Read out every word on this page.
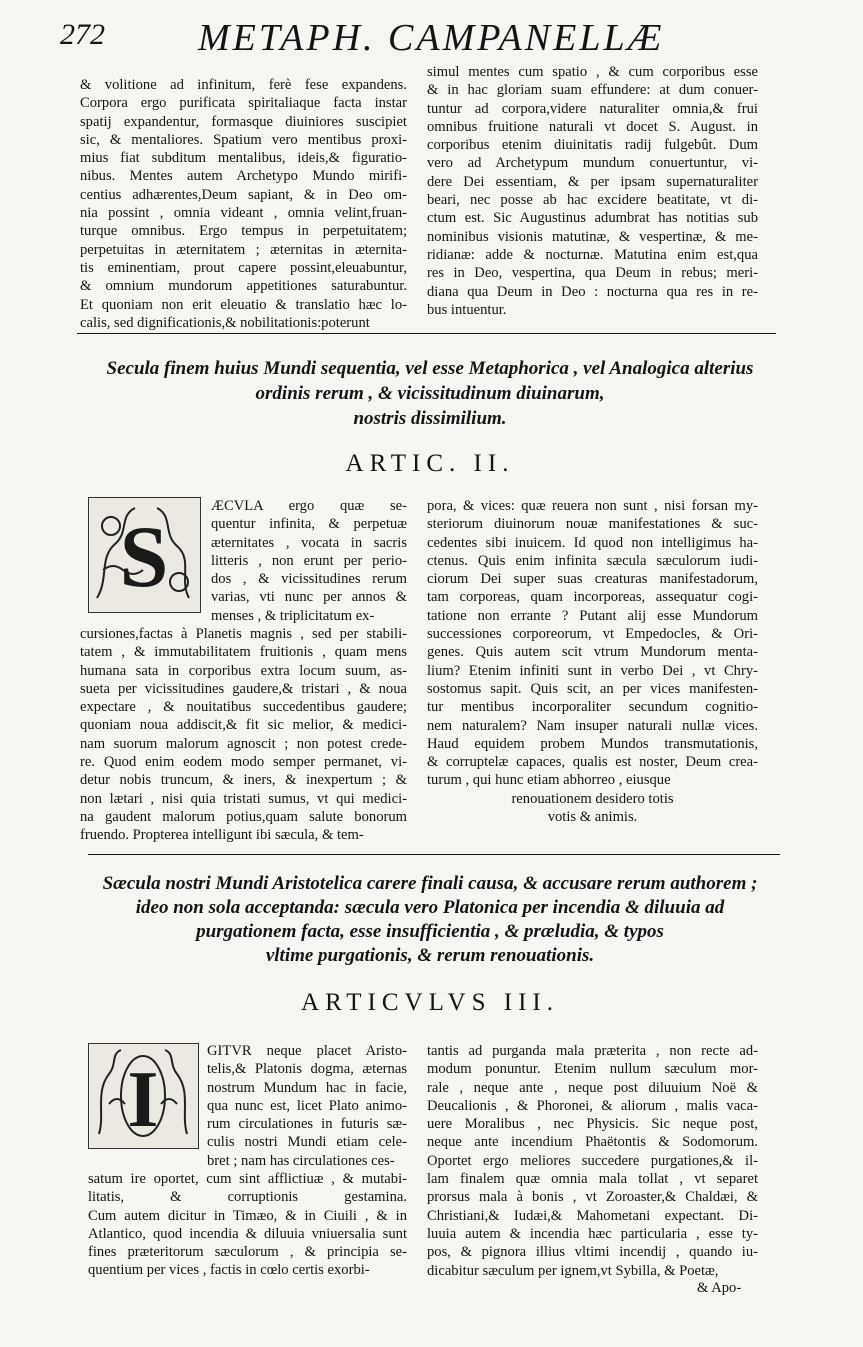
272 METAPH. CAMPANELLÆ
& volitione ad infinitum, ferè fese expandens.
Corpora ergo purificata spiritaliaque facta instar
spatij expandentur, formasque diuiniores suscipiet
sic, & mentaliores. Spatium vero mentibus proxi-
mius fiat subditum mentalibus, ideis,& figuratio-
nibus. Mentes autem Archetypo Mundo mirifi-
centius adhærentes,Deum sapiant, & in Deo om-
nia possint , omnia videant , omnia velint,fruan-
turque omnibus. Ergo tempus in perpetuitatem;
perpetuitas in æternitatem ; æternitas in æternita-
tis eminentiam, prout capere possint,eleuabuntur,
& omnium mundorum appetitiones saturabuntur.
Et quoniam non erit eleuatio & translatio hæc lo-
calis, sed dignificationis,& nobilitationis:poterunt
simul mentes cum spatio , & cum corporibus esse
& in hac gloriam suam effundere: at dum conuer-
tuntur ad corpora,videre naturaliter omnia,& frui
omnibus fruitione naturali vt docet S. August. in
corporibus etenim diuinitatis radij fulgebût. Dum
vero ad Archetypum mundum conuertuntur, vi-
dere Dei essentiam, & per ipsam supernaturaliter
beari, nec posse ab hac excidere beatitate, vt di-
ctum est. Sic Augustinus adumbrat has notitias sub
nominibus visionis matutinæ, & vespertinæ, & me-
ridianæ: adde & nocturnæ. Matutina enim est,qua
res in Deo, vespertina, qua Deum in rebus; meri-
diana qua Deum in Deo : nocturna qua res in re-
bus intuentur.
Secula finem huius Mundi sequentia, vel esse Metaphorica , vel Analogica alterius
ordinis rerum , & vicissitudinum diuinarum,
nostris dissimilium.
ARTIC. II.
S
ÆCVLA ergo quæ se-
quentur infinita, & perpetuæ
æternitates , vocata in sacris
litteris , non erunt per perio-
dos , & vicissitudines rerum
varias, vti nunc per annos &
menses , & triplicitatum ex-
cursiones,factas à Planetis magnis , sed per stabili-
tatem , & immutabilitatem fruitionis , quam mens
humana sata in corporibus extra locum suum, as-
sueta per vicissitudines gaudere,& tristari , & noua
expectare , & nouitatibus succedentibus gaudere;
quoniam noua addiscit,& fit sic melior, & medici-
nam suorum malorum agnoscit ; non potest crede-
re. Quod enim eodem modo semper permanet, vi-
detur nobis truncum, & iners, & inexpertum ; &
non lætari , nisi quia tristati sumus, vt qui medici-
na gaudent malorum potius,quam salute bonorum
fruendo. Propterea intelligunt ibi sæcula, & tem-
pora, & vices: quæ reuera non sunt , nisi forsan my-
steriorum diuinorum nouæ manifestationes & suc-
cedentes sibi inuicem. Id quod non intelligimus ha-
ctenus. Quis enim infinita sæcula sæculorum iudi-
ciorum Dei super suas creaturas manifestadorum,
tam corporeas, quam incorporeas, assequatur cogi-
tatione non errante ? Putant alij esse Mundorum
successiones corporeorum, vt Empedocles, & Ori-
genes. Quis autem scit vtrum Mundorum menta-
lium? Etenim infiniti sunt in verbo Dei , vt Chry-
sostomus sapit. Quis scit, an per vices manifesten-
tur mentibus incorporaliter secundum cognitio-
nem naturalem? Nam insuper naturali nullæ vices.
Haud equidem probem Mundos transmutationis,
& corruptelæ capaces, qualis est noster, Deum crea-
turum , qui hunc etiam abhorreo , eiusque
renouationem desidero totis
votis & animis.
Sæcula nostri Mundi Aristotelica carere finali causa, & accusare rerum authorem ;
ideo non sola acceptanda: sæcula vero Platonica per incendia & diluuia ad
purgationem facta, esse insufficientia , & præludia, & typos
vltime purgationis, & rerum renouationis.
ARTICVLVS III.
I
GITVR neque placet Aristo-
telis,& Platonis dogma, æternas
nostrum Mundum hac in facie,
qua nunc est, licet Plato animo-
rum circulationes in futuris sæ-
culis nostri Mundi etiam cele-
bret ; nam has circulationes ces-
satum ire oportet, cum sint afflictiuæ , & mutabi-
litatis, & corruptionis gestamina.
Cum autem dicitur in Timæo, & in Ciuili , & in
Atlantico, quod incendia & diluuia vniuersalia sunt
fines præteritorum sæculorum , & principia se-
quentium per vices , factis in cœlo certis exorbi-
tantis ad purganda mala præterita , non recte ad-
modum ponuntur. Etenim nullum sæculum mor-
rale , neque ante , neque post diluuium Noë &
Deucalionis , & Phoronei, & aliorum , malis vaca-
uere Moralibus , nec Physicis. Sic neque post,
neque ante incendium Phaëtontis & Sodomorum.
Oportet ergo meliores succedere purgationes,& il-
lam finalem quæ omnia mala tollat , vt separet
prorsus mala à bonis , vt Zoroaster,& Chaldæi, &
Christiani,& Iudæi,& Mahometani expectant. Di-
luuia autem & incendia hæc particularia , esse ty-
pos, & pignora illius vltimi incendij , quando iu-
dicabitur sæculum per ignem,vt Sybilla, & Poetæ,
& Apo-
